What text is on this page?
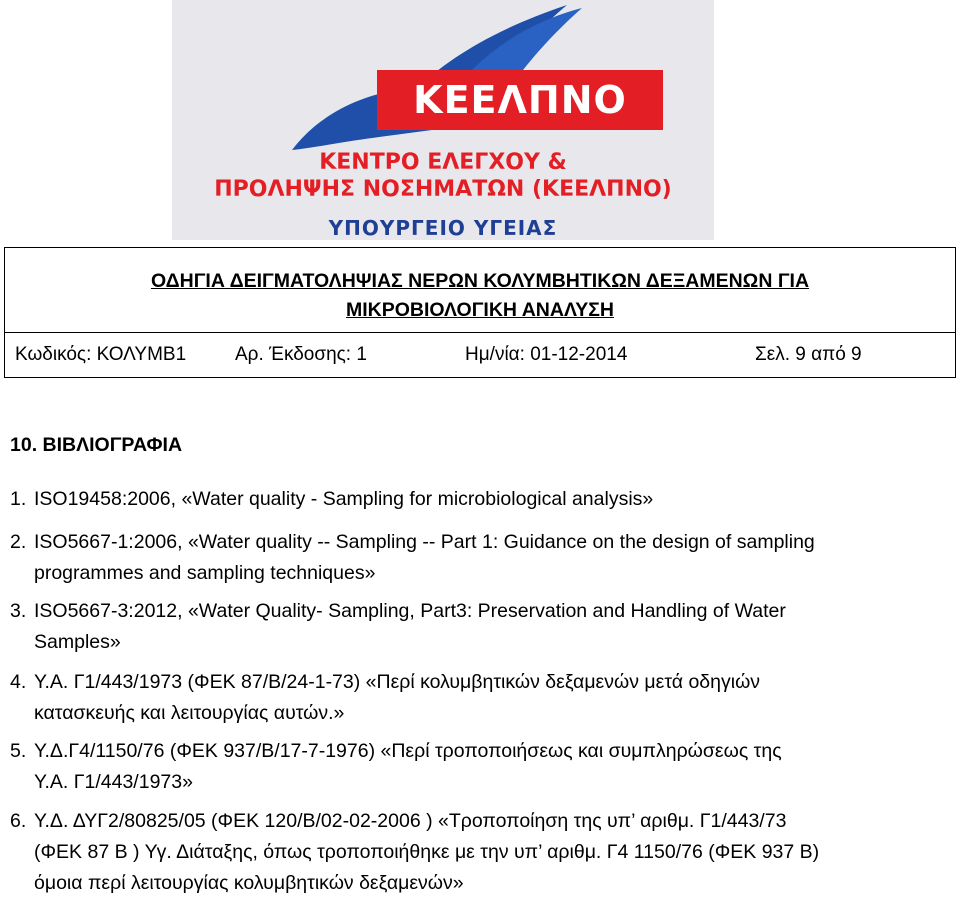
ΚΕΕΛΠΝΟ
ΚΕΝΤΡΟ ΕΛΕΓΧΟΥ &
ΠΡΟΛΗΨΗΣ ΝΟΣΗΜΑΤΩΝ (ΚΕΕΛΠΝΟ)
ΥΠΟΥΡΓΕΙΟ ΥΓΕΙΑΣ
ΟΔΗΓΙΑ ΔΕΙΓΜΑΤΟΛΗΨΙΑΣ ΝΕΡΩΝ ΚΟΛΥΜΒΗΤΙΚΩΝ ΔΕΞΑΜΕΝΩΝ ΓΙΑ
ΜΙΚΡΟΒΙΟΛΟΓΙΚΗ ΑΝΑΛΥΣΗ

Κωδικός: ΚΟΛΥΜΒ1	Αρ. Έκδοσης: 1	Ημ/νία: 01-12-2014	Σελ. 9 από 9
10. ΒΙΒΛΙΟΓΡΑΦΙΑ
1. ISO19458:2006, «Water quality - Sampling for microbiological analysis»
2. ISO5667-1:2006, «Water quality -- Sampling -- Part 1: Guidance on the design of sampling
programmes and sampling techniques»
3. ISO5667-3:2012, «Water Quality- Sampling, Part3: Preservation and Handling of Water
Samples»
4. Υ.Α. Γ1/443/1973 (ΦΕΚ 87/Β/24-1-73) «Περί κολυμβητικών δεξαμενών μετά οδηγιών
κατασκευής και λειτουργίας αυτών.»
5. Υ.Δ.Γ4/1150/76 (ΦΕΚ 937/Β/17-7-1976) «Περί τροποποιήσεως και συμπληρώσεως της
Υ.Α. Γ1/443/1973»
6. Υ.Δ. ΔΥΓ2/80825/05 (ΦΕΚ 120/Β/02-02-2006 ) «Τροποποίηση της υπ’ αριθμ. Γ1/443/73
(ΦΕΚ 87 Β ) Υγ. Διάταξης, όπως τροποποιήθηκε με την υπ’ αριθμ. Γ4 1150/76 (ΦΕΚ 937 Β)
όμοια περί λειτουργίας κολυμβητικών δεξαμενών»
